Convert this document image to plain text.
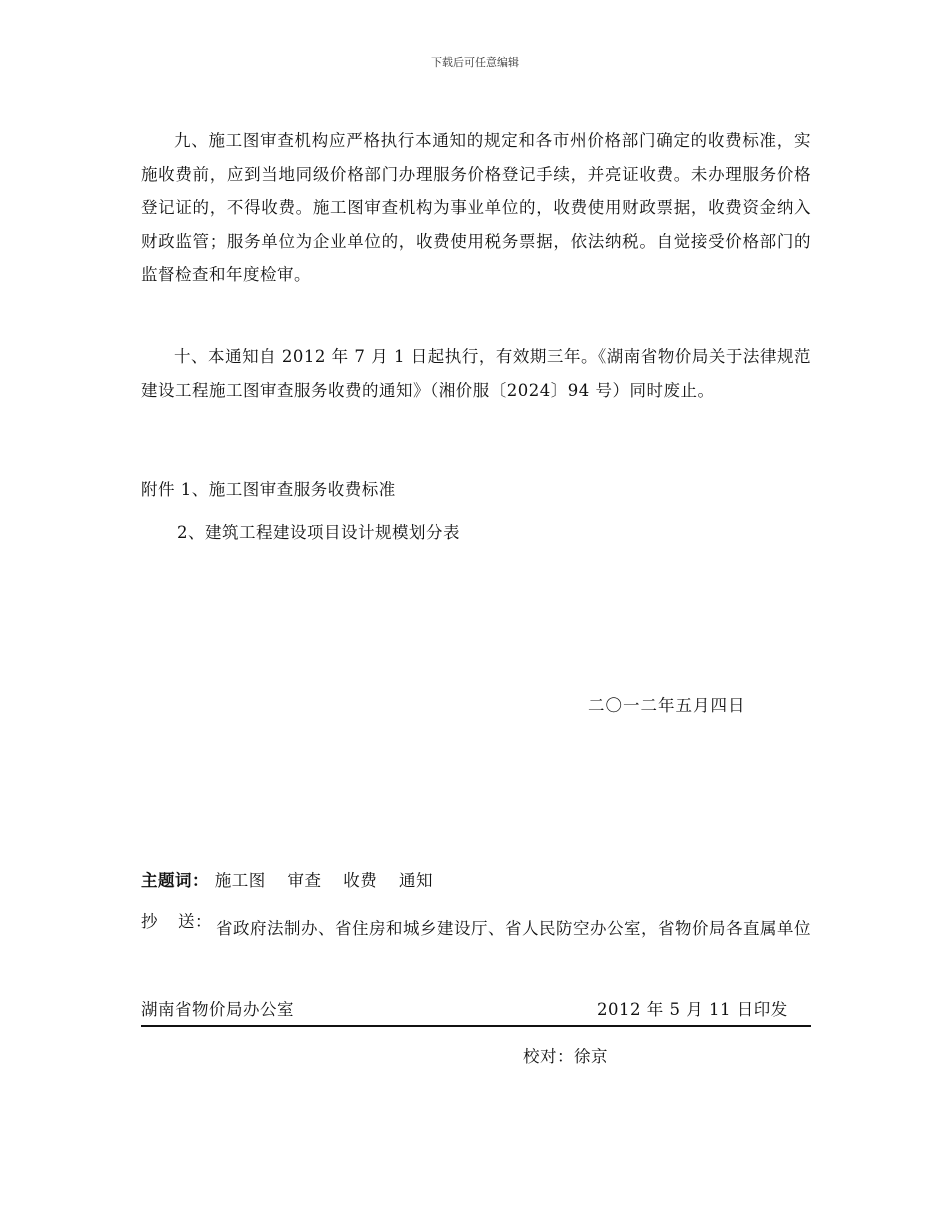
下载后可任意编辑

九、施工图审查机构应严格执行本通知的规定和各市州价格部门确定的收费标准，实施收费前，应到当地同级价格部门办理服务价格登记手续，并亮证收费。未办理服务价格登记证的，不得收费。施工图审查机构为事业单位的，收费使用财政票据，收费资金纳入财政监管；服务单位为企业单位的，收费使用税务票据，依法纳税。自觉接受价格部门的监督检查和年度检审。

十、本通知自 2012 年 7 月 1 日起执行，有效期三年。《湖南省物价局关于法律规范建设工程施工图审查服务收费的通知》（湘价服〔2024〕94 号）同时废止。

附件 1、施工图审查服务收费标准
2、建筑工程建设项目设计规模划分表
二〇一二年五月四日
主题词： 施工图 审查 收费 通知
抄 送： 省政府法制办、省住房和城乡建设厅、省人民防空办公室，省物价局各直属单位

湖南省物价局办公室	2012 年 5 月 11 日印发
校对：徐京
